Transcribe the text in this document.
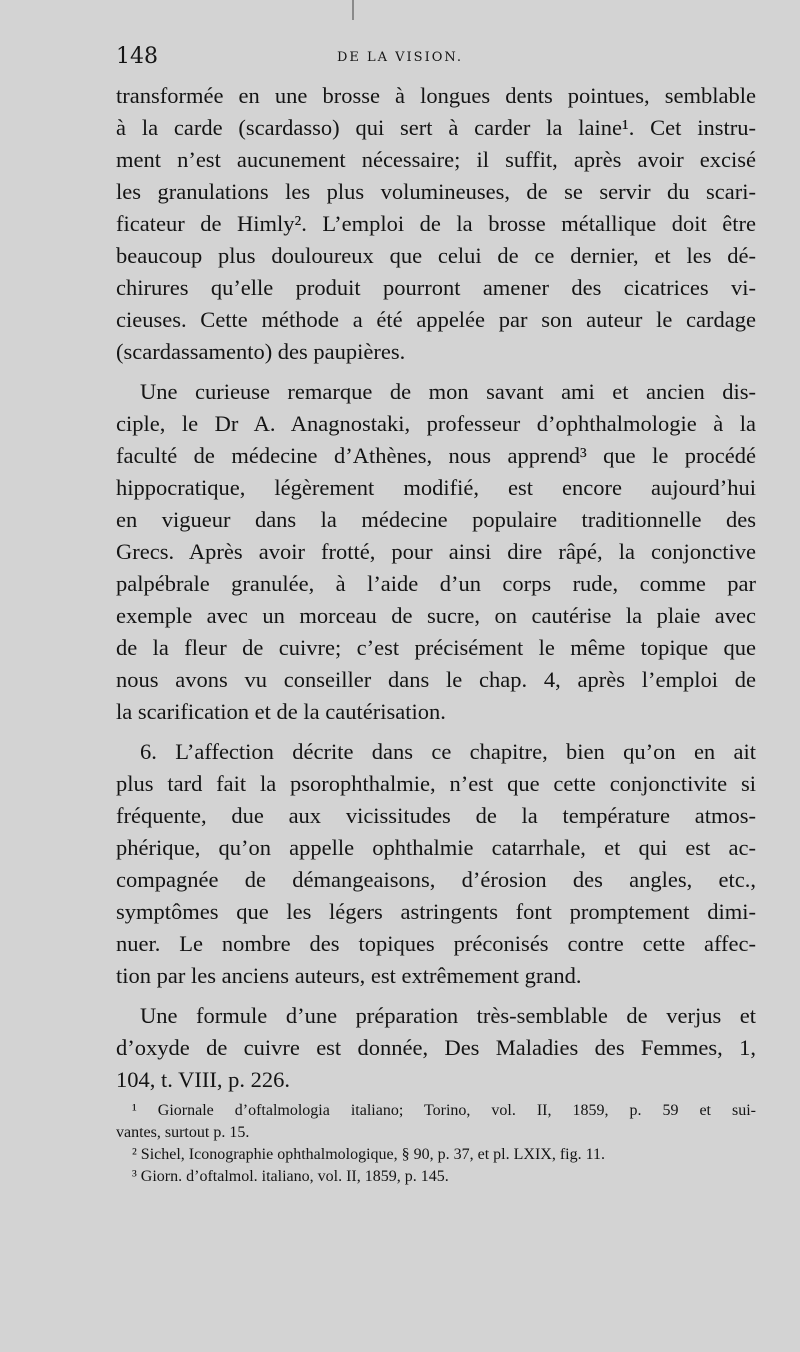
148	DE LA VISION.
transformée en une brosse à longues dents pointues, semblable
à la carde (scardasso) qui sert à carder la laine¹. Cet instru-
ment n’est aucunement nécessaire; il suffit, après avoir excisé
les granulations les plus volumineuses, de se servir du scari-
ficateur de Himly². L’emploi de la brosse métallique doit être
beaucoup plus douloureux que celui de ce dernier, et les dé-
chirures qu’elle produit pourront amener des cicatrices vi-
cieuses. Cette méthode a été appelée par son auteur le cardage
(scardassamento) des paupières.
Une curieuse remarque de mon savant ami et ancien dis-
ciple, le Dr A. Anagnostaki, professeur d’ophthalmologie à la
faculté de médecine d’Athènes, nous apprend³ que le procédé
hippocratique, légèrement modifié, est encore aujourd’hui
en vigueur dans la médecine populaire traditionnelle des
Grecs. Après avoir frotté, pour ainsi dire râpé, la conjonctive
palpébrale granulée, à l’aide d’un corps rude, comme par
exemple avec un morceau de sucre, on cautérise la plaie avec
de la fleur de cuivre; c’est précisément le même topique que
nous avons vu conseiller dans le chap. 4, après l’emploi de
la scarification et de la cautérisation.
6. L’affection décrite dans ce chapitre, bien qu’on en ait
plus tard fait la psorophthalmie, n’est que cette conjonctivite si
fréquente, due aux vicissitudes de la température atmos-
phérique, qu’on appelle ophthalmie catarrhale, et qui est ac-
compagnée de démangeaisons, d’érosion des angles, etc.,
symptômes que les légers astringents font promptement dimi-
nuer. Le nombre des topiques préconisés contre cette affec-
tion par les anciens auteurs, est extrêmement grand.
Une formule d’une préparation très-semblable de verjus et
d’oxyde de cuivre est donnée, Des Maladies des Femmes, 1,
104, t. VIII, p. 226.
¹ Giornale d’oftalmologia italiano; Torino, vol. II, 1859, p. 59 et sui-
vantes, surtout p. 15.
² Sichel, Iconographie ophthalmologique, § 90, p. 37, et pl. LXIX, fig. 11.
³ Giorn. d’oftalmol. italiano, vol. II, 1859, p. 145.
